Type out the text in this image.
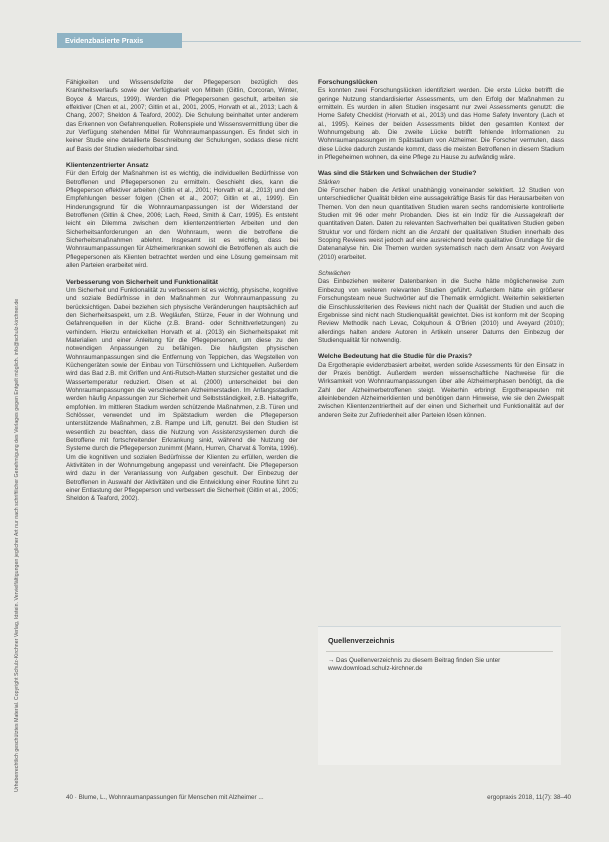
Evidenzbasierte Praxis
Urheberrechtlich geschütztes Material. Copyright Schulz-Kirchner Verlag, Idstein. Vervielfältigungen jeglicher Art nur nach schriftlicher Genehmigung des Verlages gegen Entgelt möglich. info@schulz-kirchner.de

Fähigkeiten und Wissensdefizite der Pflegeperson bezüglich des Krankheitsverlaufs sowie der Verfügbarkeit von Mitteln (Gitlin, Corcoran, Winter, Boyce & Marcus, 1999). Werden die Pflegepersonen geschult, arbeiten sie effektiver (Chen et al., 2007; Gitlin et al., 2001, 2005, Horvath et al., 2013; Lach & Chang, 2007; Sheldon & Teaford, 2002). Die Schulung beinhaltet unter anderem das Erkennen von Gefahrenquellen. Rollenspiele und Wissensvermittlung über die zur Verfügung stehenden Mittel für Wohnraumanpassungen. Es findet sich in keiner Studie eine detaillierte Beschreibung der Schulungen, sodass diese nicht auf Basis der Studien wiederholbar sind.

Klientenzentrierter Ansatz

Für den Erfolg der Maßnahmen ist es wichtig, die individuellen Bedürfnisse von Betroffenen und Pflegepersonen zu ermitteln. Geschieht dies, kann die Pflegeperson effektiver arbeiten (Gitlin et al., 2001; Horvath et al., 2013) und den Empfehlungen besser folgen (Chen et al., 2007; Gitlin et al., 1999). Ein Hinderungsgrund für die Wohnraumanpassungen ist der Widerstand der Betroffenen (Gitlin & Chee, 2006; Lach, Reed, Smith & Carr, 1995). Es entsteht leicht ein Dilemma zwischen dem klientenzentrierten Arbeiten und den Sicherheitsanforderungen an den Wohnraum, wenn die betroffene die Sicherheitsmaßnahmen ablehnt. Insgesamt ist es wichtig, dass bei Wohnraumanpassungen für Alzheimerkranken sowohl die Betroffenen als auch die Pflegepersonen als Klienten betrachtet werden und eine Lösung gemeinsam mit allen Parteien erarbeitet wird.

Verbesserung von Sicherheit und Funktionalität

Um Sicherheit und Funktionalität zu verbessern ist es wichtig, physische, kognitive und soziale Bedürfnisse in den Maßnahmen zur Wohnraumanpassung zu berücksichtigen. Dabei beziehen sich physische Veränderungen hauptsächlich auf den Sicherheitsaspekt, um z.B. Wegläufen, Stürze, Feuer in der Wohnung und Gefahrenquellen in der Küche (z.B. Brand- oder Schnittverletzungen) zu verhindern. Hierzu entwickelten Horvath et al. (2013) ein Sicherheitspaket mit Materialien und einer Anleitung für die Pflegepersonen, um diese zu den notwendigen Anpassungen zu befähigen. Die häufigsten physischen Wohnraumanpassungen sind die Entfernung von Teppichen, das Wegstellen von Küchengeräten sowie der Einbau von Türschlössern und Lichtquellen. Außerdem wird das Bad z.B. mit Griffen und Anti-Rutsch-Matten sturzsicher gestaltet und die Wassertemperatur reduziert. Olsen et al. (2000) unterscheidet bei den Wohnraumanpassungen die verschiedenen Alzheimerstadien. Im Anfangsstadium werden häufig Anpassungen zur Sicherheit und Selbstständigkeit, z.B. Haltegriffe, empfohlen. Im mittleren Stadium werden schützende Maßnahmen, z.B. Türen und Schlösser, verwendet und im Spätstadium werden die Pflegeperson unterstützende Maßnahmen, z.B. Rampe und Lift, genutzt. Bei den Studien ist wesentlich zu beachten, dass die Nutzung von Assistenzsystemen durch die Betroffene mit fortschreitender Erkrankung sinkt, während die Nutzung der Systeme durch die Pflegeperson zunimmt (Mann, Hurren, Charvat & Tomita, 1996). Um die kognitiven und sozialen Bedürfnisse der Klienten zu erfüllen, werden die Aktivitäten in der Wohnumgebung angepasst und vereinfacht. Die Pflegeperson wird dazu in der Veranlassung von Aufgaben geschult. Der Einbezug der Betroffenen in Auswahl der Aktivitäten und die Entwicklung einer Routine führt zu einer Entlastung der Pflegeperson und verbessert die Sicherheit (Gitlin et al., 2005; Sheldon & Teaford, 2002).

Forschungslücken

Es konnten zwei Forschungslücken identifiziert werden. Die erste Lücke betrifft die geringe Nutzung standardisierter Assessments, um den Erfolg der Maßnahmen zu ermitteln. Es wurden in allen Studien insgesamt nur zwei Assessments genutzt: die Home Safety Checklist (Horvath et al., 2013) und das Home Safety Inventory (Lach et al., 1995). Keines der beiden Assessments bildet den gesamten Kontext der Wohnumgebung ab. Die zweite Lücke betrifft fehlende Informationen zu Wohnraumanpassungen im Spätstadium von Alzheimer. Die Forscher vermuten, dass diese Lücke dadurch zustande kommt, dass die meisten Betroffenen in diesem Stadium in Pflegeheimen wohnen, da eine Pflege zu Hause zu aufwändig wäre.

Was sind die Stärken und Schwächen der Studie?

Stärken

Die Forscher haben die Artikel unabhängig voneinander selektiert. 12 Studien von unterschiedlicher Qualität bilden eine aussagekräftige Basis für das Herausarbeiten von Themen. Von den neun quantitativen Studien waren sechs randomisierte kontrollierte Studien mit 96 oder mehr Probanden. Dies ist ein Indiz für die Aussagekraft der quantitativen Daten. Daten zu relevanten Sachverhalten bei qualitativen Studien geben Struktur vor und fördern nicht an die Anzahl der qualitativen Studien innerhalb des Scoping Reviews weist jedoch auf eine ausreichend breite qualitative Grundlage für die Datenanalyse hin. Die Themen wurden systematisch nach dem Ansatz von Aveyard (2010) erarbeitet.

Schwächen

Das Einbeziehen weiterer Datenbanken in die Suche hätte möglicherweise zum Einbezug von weiteren relevanten Studien geführt. Außerdem hätte ein größerer Forschungsteam neue Suchwörter auf die Thematik ermöglicht. Weiterhin selektierten die Einschlusskriterien des Reviews nicht nach der Qualität der Studien und auch die Ergebnisse sind nicht nach Studienqualität gewichtet. Dies ist konform mit der Scoping Review Methodik nach Levac, Colquhoun & O'Brien (2010) und Aveyard (2010); allerdings halten andere Autoren in Artikeln unserer Datums den Einbezug der Studienqualität für notwendig.

Welche Bedeutung hat die Studie für die Praxis?

Da Ergotherapie evidenzbasiert arbeitet, werden solide Assessments für den Einsatz in der Praxis benötigt. Außerdem werden wissenschaftliche Nachweise für die Wirksamkeit von Wohnraumanpassungen über alle Alzheimerphasen benötigt, da die Zahl der Alzheimerbetroffenen steigt. Weiterhin erbringt Ergotherapeuten mit alleinlebenden Alzheimerklienten und benötigen dann Hinweise, wie sie den Zwiespalt zwischen Klientenzentriertheit auf der einen und Sicherheit und Funktionalität auf der anderen Seite zur Zufriedenheit aller Parteien lösen können.

Quellenverzeichnis
→ Das Quellenverzeichnis zu diesem Beitrag finden Sie unter www.download.schulz-kirchner.de
40 · Blume, L., Wohnraumanpassungen für Menschen mit Alzheimer ...	ergopraxis 2018, 11(7): 38–40
